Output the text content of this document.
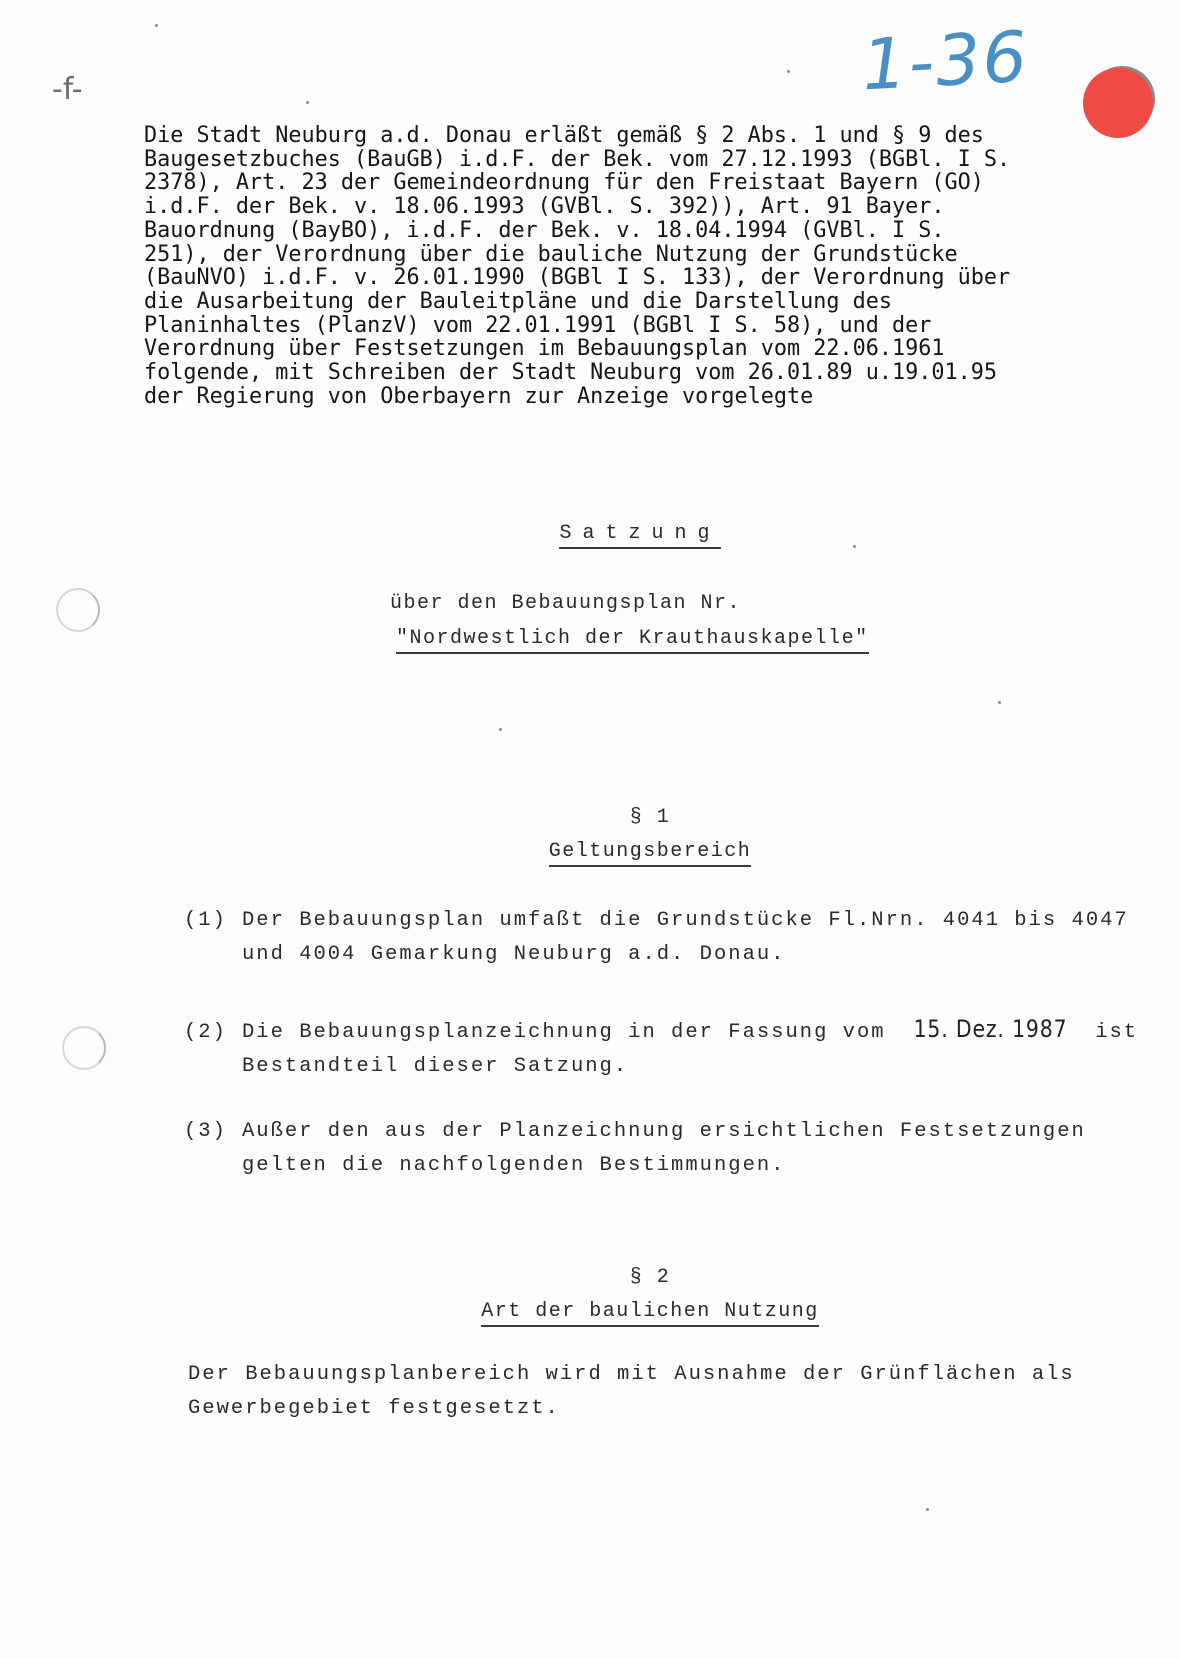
-f-	1-36
Die Stadt Neuburg a.d. Donau erläßt gemäß § 2 Abs. 1 und § 9 des
Baugesetzbuches (BauGB) i.d.F. der Bek. vom 27.12.1993 (BGBl. I S.
2378), Art. 23 der Gemeindeordnung für den Freistaat Bayern (GO)
i.d.F. der Bek. v. 18.06.1993 (GVBl. S. 392)), Art. 91 Bayer.
Bauordnung (BayBO), i.d.F. der Bek. v. 18.04.1994 (GVBl. I S.
251), der Verordnung über die bauliche Nutzung der Grundstücke
(BauNVO) i.d.F. v. 26.01.1990 (BGBl I S. 133), der Verordnung über
die Ausarbeitung der Bauleitpläne und die Darstellung des
Planinhaltes (PlanzV) vom 22.01.1991 (BGBl I S. 58), und der
Verordnung über Festsetzungen im Bebauungsplan vom 22.06.1961
folgende, mit Schreiben der Stadt Neuburg vom 26.01.89 u.19.01.95
der Regierung von Oberbayern zur Anzeige vorgelegte
Satzung
über den Bebauungsplan Nr.
"Nordwestlich der Krauthauskapelle"
§ 1
Geltungsbereich
(1) Der Bebauungsplan umfaßt die Grundstücke Fl.Nrn. 4041 bis 4047
und 4004 Gemarkung Neuburg a.d. Donau.
(2) Die Bebauungsplanzeichnung in der Fassung vom 15. Dez. 1987 ist
Bestandteil dieser Satzung.
(3) Außer den aus der Planzeichnung ersichtlichen Festsetzungen
gelten die nachfolgenden Bestimmungen.
§ 2
Art der baulichen Nutzung
Der Bebauungsplanbereich wird mit Ausnahme der Grünflächen als
Gewerbegebiet festgesetzt.
